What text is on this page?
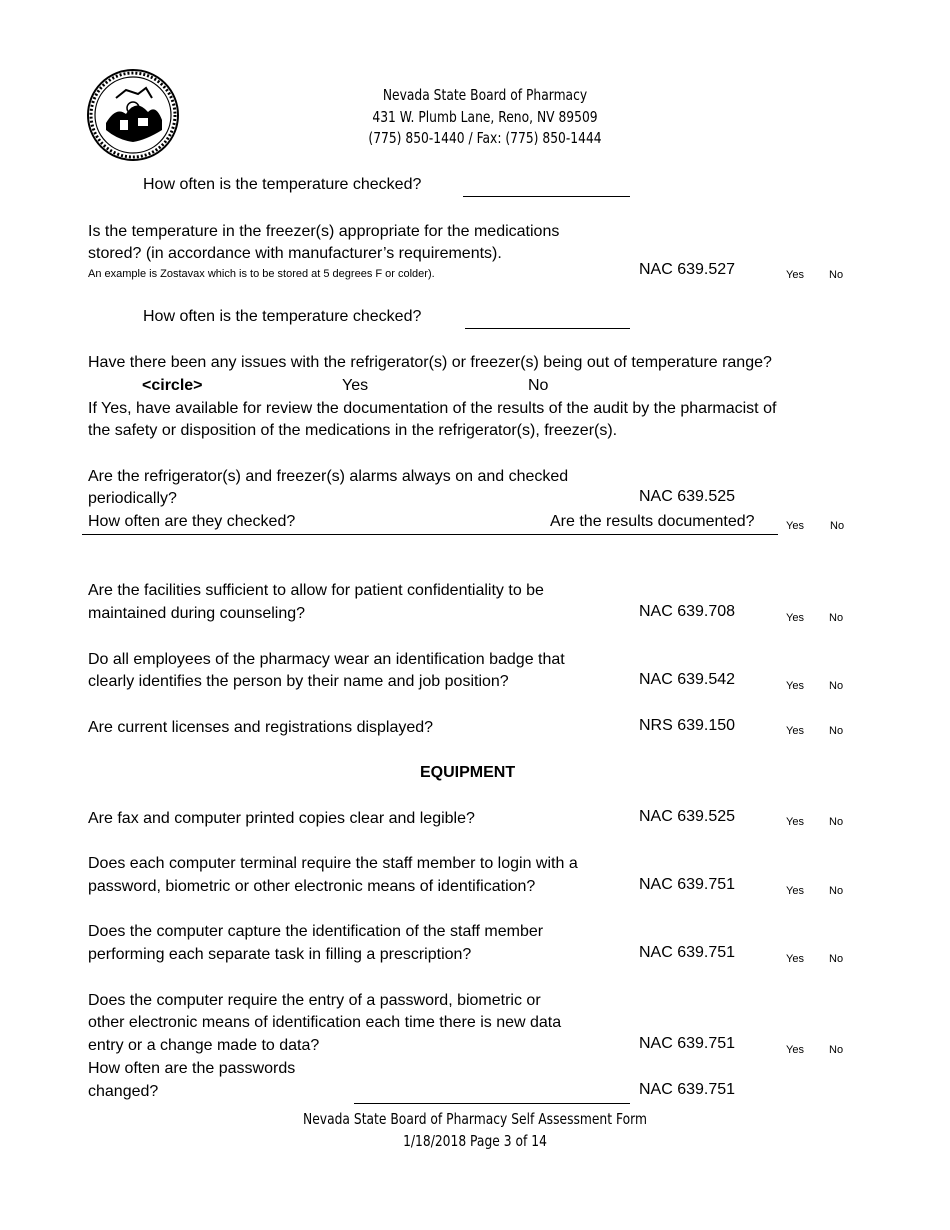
Nevada State Board of Pharmacy
431 W. Plumb Lane, Reno, NV 89509
(775) 850-1440 / Fax: (775) 850-1444
How often is the temperature checked?
Is the temperature in the freezer(s) appropriate for the medications
stored? (in accordance with manufacturer’s requirements).
An example is Zostavax which is to be stored at 5 degrees F or colder).	NAC 639.527	Yes No
How often is the temperature checked?
Have there been any issues with the refrigerator(s) or freezer(s) being out of temperature range?
<circle>	Yes	No
If Yes, have available for review the documentation of the results of the audit by the pharmacist of
the safety or disposition of the medications in the refrigerator(s), freezer(s).
Are the refrigerator(s) and freezer(s) alarms always on and checked
periodically?	NAC 639.525
How often are they checked?	Are the results documented?	Yes No
Are the facilities sufficient to allow for patient confidentiality to be
maintained during counseling?	NAC 639.708	Yes No
Do all employees of the pharmacy wear an identification badge that
clearly identifies the person by their name and job position?	NAC 639.542	Yes No
Are current licenses and registrations displayed?	NRS 639.150	Yes No
EQUIPMENT
Are fax and computer printed copies clear and legible?	NAC 639.525	Yes No
Does each computer terminal require the staff member to login with a
password, biometric or other electronic means of identification?	NAC 639.751	Yes No
Does the computer capture the identification of the staff member
performing each separate task in filling a prescription?	NAC 639.751	Yes No
Does the computer require the entry of a password, biometric or
other electronic means of identification each time there is new data
entry or a change made to data?	NAC 639.751	Yes No
How often are the passwords
changed?	NAC 639.751
Nevada State Board of Pharmacy Self Assessment Form
1/18/2018 Page 3 of 14
